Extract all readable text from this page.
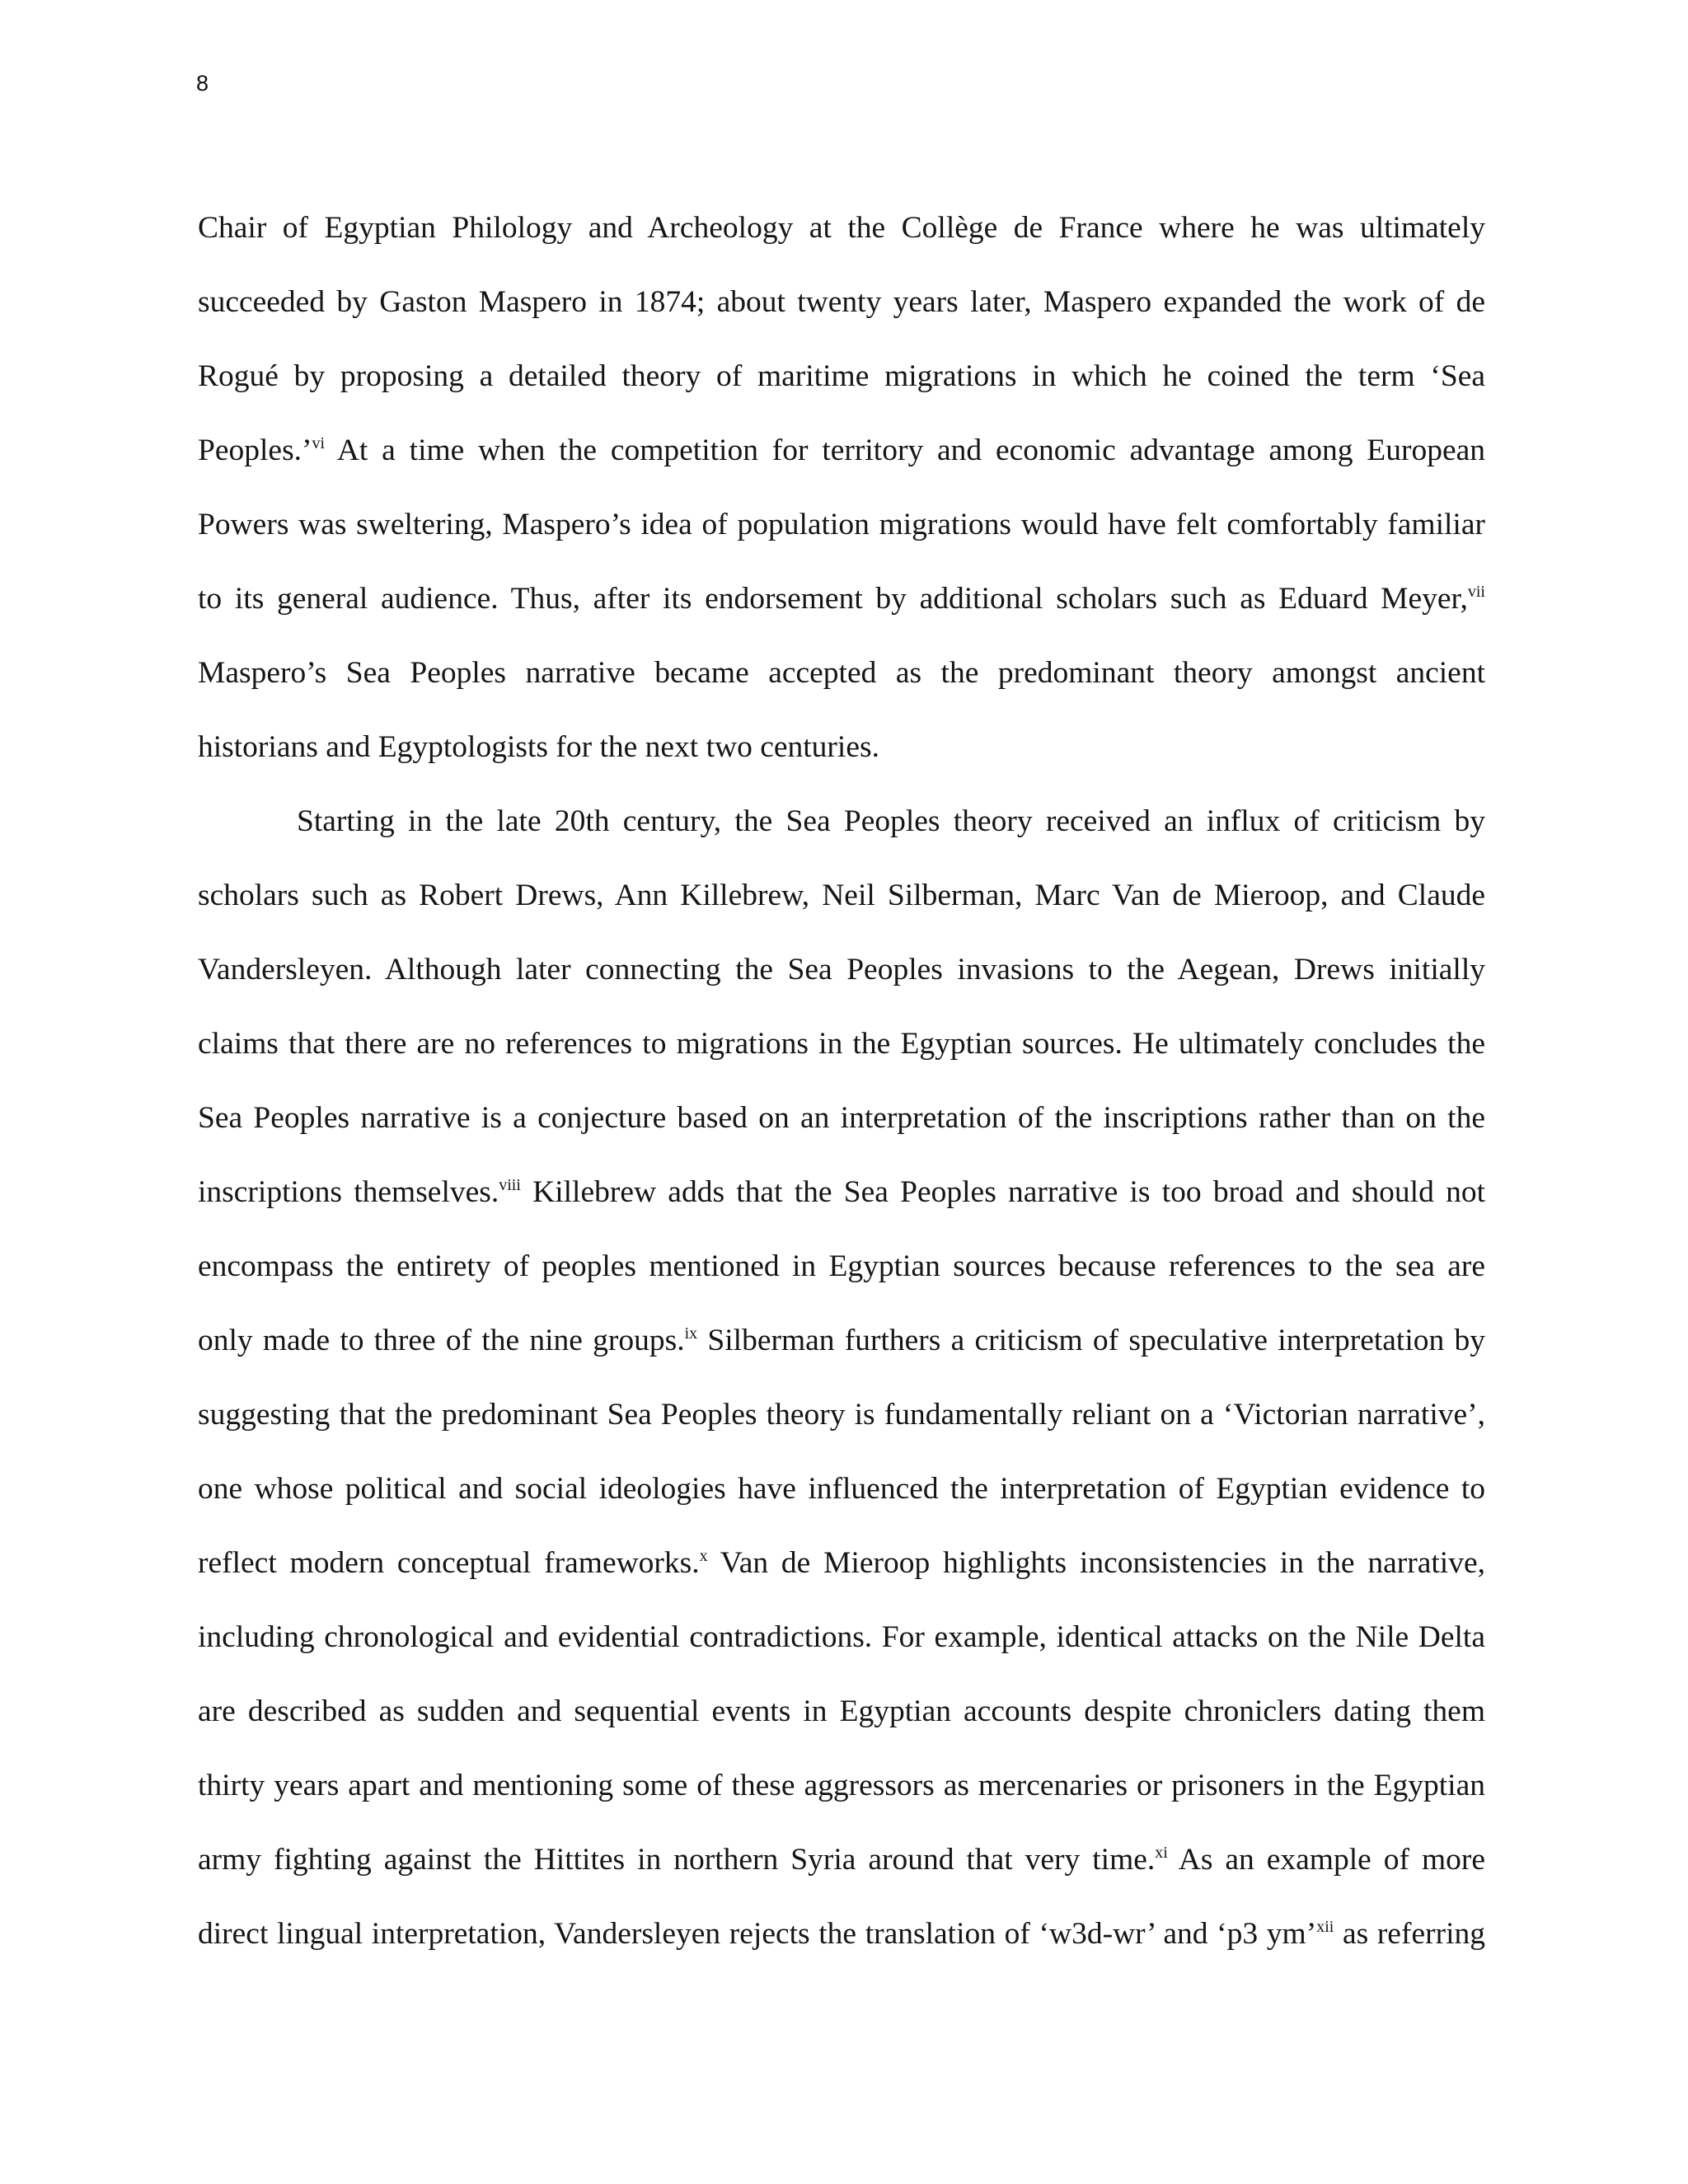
8
Chair of Egyptian Philology and Archeology at the Collège de France where he was ultimately
succeeded by Gaston Maspero in 1874; about twenty years later, Maspero expanded the work of de
Rogué by proposing a detailed theory of maritime migrations in which he coined the term ‘Sea
Peoples.’$^{vi}$ At a time when the competition for territory and economic advantage among European
Powers was sweltering, Maspero’s idea of population migrations would have felt comfortably familiar
to its general audience. Thus, after its endorsement by additional scholars such as Eduard Meyer,$^{vii}$
Maspero’s Sea Peoples narrative became accepted as the predominant theory amongst ancient
historians and Egyptologists for the next two centuries.
Starting in the late 20th century, the Sea Peoples theory received an influx of criticism by
scholars such as Robert Drews, Ann Killebrew, Neil Silberman, Marc Van de Mieroop, and Claude
Vandersleyen. Although later connecting the Sea Peoples invasions to the Aegean, Drews initially
claims that there are no references to migrations in the Egyptian sources. He ultimately concludes the
Sea Peoples narrative is a conjecture based on an interpretation of the inscriptions rather than on the
inscriptions themselves.$^{viii}$ Killebrew adds that the Sea Peoples narrative is too broad and should not
encompass the entirety of peoples mentioned in Egyptian sources because references to the sea are
only made to three of the nine groups.$^{ix}$ Silberman furthers a criticism of speculative interpretation by
suggesting that the predominant Sea Peoples theory is fundamentally reliant on a ‘Victorian narrative’,
one whose political and social ideologies have influenced the interpretation of Egyptian evidence to
reflect modern conceptual frameworks.$^x$ Van de Mieroop highlights inconsistencies in the narrative,
including chronological and evidential contradictions. For example, identical attacks on the Nile Delta
are described as sudden and sequential events in Egyptian accounts despite chroniclers dating them
thirty years apart and mentioning some of these aggressors as mercenaries or prisoners in the Egyptian
army fighting against the Hittites in northern Syria around that very time.$^{xi}$ As an example of more
direct lingual interpretation, Vandersleyen rejects the translation of ‘w3d-wr’ and ‘p3 ym’$^{xii}$ as referring
